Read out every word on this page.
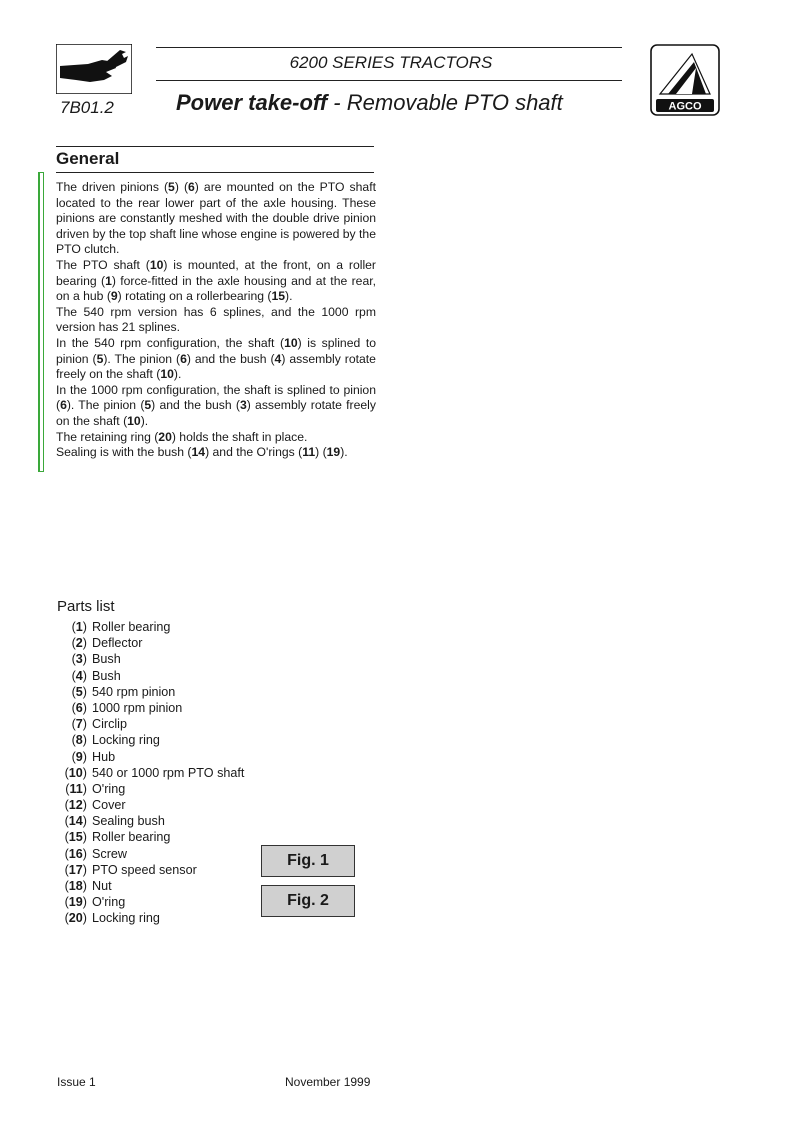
7B01.2
6200 SERIES TRACTORS
Power take-off - Removable PTO shaft	AGCO
General

The driven pinions (5) (6) are mounted on the PTO shaft located to the rear lower part of the axle housing. These pinions are constantly meshed with the double drive pinion driven by the top shaft line whose engine is powered by the PTO clutch.

The PTO shaft (10) is mounted, at the front, on a roller bearing (1) force-fitted in the axle housing and at the rear, on a hub (9) rotating on a rollerbearing (15).

The 540 rpm version has 6 splines, and the 1000 rpm version has 21 splines.

In the 540 rpm configuration, the shaft (10) is splined to pinion (5). The pinion (6) and the bush (4) assembly rotate freely on the shaft (10).

In the 1000 rpm configuration, the shaft is splined to pinion (6). The pinion (5) and the bush (3) assembly rotate freely on the shaft (10).

The retaining ring (20) holds the shaft in place.

Sealing is with the bush (14) and the O'rings (11) (19).

Parts list
(1) Roller bearing
(2) Deflector
(3) Bush
(4) Bush
(5) 540 rpm pinion
(6) 1000 rpm pinion
(7) Circlip
(8) Locking ring
(9) Hub
(10) 540 or 1000 rpm PTO shaft
(11) O'ring
(12) Cover
(14) Sealing bush
(15) Roller bearing
(16) Screw
(17) PTO speed sensor
(18) Nut
(19) O'ring
(20) Locking ring
Fig. 1
Fig. 2
Issue 1	November 1999
